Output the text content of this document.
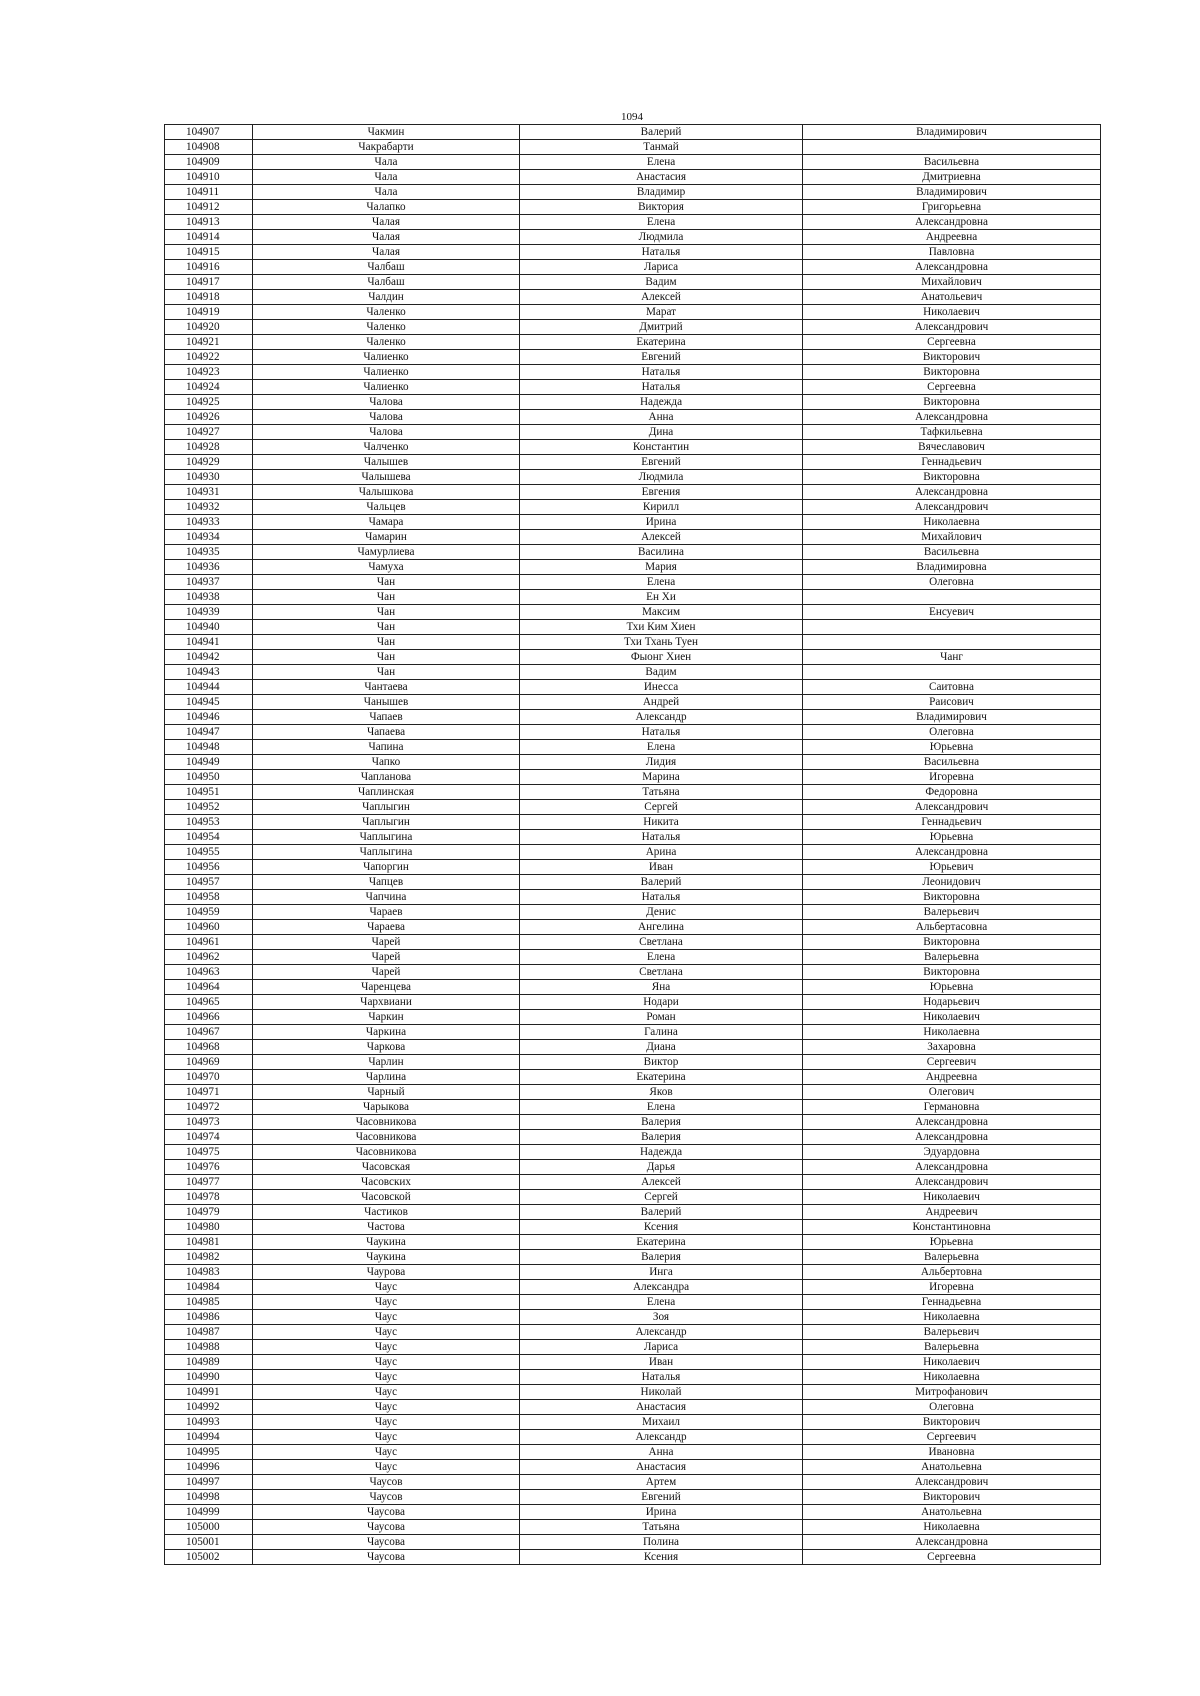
1094
104907	Чакмин	Валерий	Владимирович
104908	Чакрабарти	Танмай	
104909	Чала	Елена	Васильевна
104910	Чала	Анастасия	Дмитриевна
104911	Чала	Владимир	Владимирович
104912	Чалапко	Виктория	Григорьевна
104913	Чалая	Елена	Александровна
104914	Чалая	Людмила	Андреевна
104915	Чалая	Наталья	Павловна
104916	Чалбаш	Лариса	Александровна
104917	Чалбаш	Вадим	Михайлович
104918	Чалдин	Алексей	Анатольевич
104919	Чаленко	Марат	Николаевич
104920	Чаленко	Дмитрий	Александрович
104921	Чаленко	Екатерина	Сергеевна
104922	Чалиенко	Евгений	Викторович
104923	Чалиенко	Наталья	Викторовна
104924	Чалиенко	Наталья	Сергеевна
104925	Чалова	Надежда	Викторовна
104926	Чалова	Анна	Александровна
104927	Чалова	Дина	Тафкильевна
104928	Чалченко	Константин	Вячеславович
104929	Чалышев	Евгений	Геннадьевич
104930	Чалышева	Людмила	Викторовна
104931	Чалышкова	Евгения	Александровна
104932	Чальцев	Кирилл	Александрович
104933	Чамара	Ирина	Николаевна
104934	Чамарин	Алексей	Михайлович
104935	Чамурлиева	Василина	Васильевна
104936	Чамуха	Мария	Владимировна
104937	Чан	Елена	Олеговна
104938	Чан	Ен Хи	
104939	Чан	Максим	Енсуевич
104940	Чан	Тхи Ким Хиен	
104941	Чан	Тхи Тхань Туен	
104942	Чан	Фыонг Хиен	Чанг
104943	Чан	Вадим	
104944	Чантаева	Инесса	Саитовна
104945	Чанышев	Андрей	Раисович
104946	Чапаев	Александр	Владимирович
104947	Чапаева	Наталья	Олеговна
104948	Чапина	Елена	Юрьевна
104949	Чапко	Лидия	Васильевна
104950	Чапланова	Марина	Игоревна
104951	Чаплинская	Татьяна	Федоровна
104952	Чаплыгин	Сергей	Александрович
104953	Чаплыгин	Никита	Геннадьевич
104954	Чаплыгина	Наталья	Юрьевна
104955	Чаплыгина	Арина	Александровна
104956	Чапоргин	Иван	Юрьевич
104957	Чапцев	Валерий	Леонидович
104958	Чапчина	Наталья	Викторовна
104959	Чараев	Денис	Валерьевич
104960	Чараева	Ангелина	Альбертасовна
104961	Чарей	Светлана	Викторовна
104962	Чарей	Елена	Валерьевна
104963	Чарей	Светлана	Викторовна
104964	Чаренцева	Яна	Юрьевна
104965	Чархвиани	Нодари	Нодарьевич
104966	Чаркин	Роман	Николаевич
104967	Чаркина	Галина	Николаевна
104968	Чаркова	Диана	Захаровна
104969	Чарлин	Виктор	Сергеевич
104970	Чарлина	Екатерина	Андреевна
104971	Чарный	Яков	Олегович
104972	Чарыкова	Елена	Германовна
104973	Часовникова	Валерия	Александровна
104974	Часовникова	Валерия	Александровна
104975	Часовникова	Надежда	Эдуардовна
104976	Часовская	Дарья	Александровна
104977	Часовских	Алексей	Александрович
104978	Часовской	Сергей	Николаевич
104979	Частиков	Валерий	Андреевич
104980	Частова	Ксения	Константиновна
104981	Чаукина	Екатерина	Юрьевна
104982	Чаукина	Валерия	Валерьевна
104983	Чаурова	Инга	Альбертовна
104984	Чаус	Александра	Игоревна
104985	Чаус	Елена	Геннадьевна
104986	Чаус	Зоя	Николаевна
104987	Чаус	Александр	Валерьевич
104988	Чаус	Лариса	Валерьевна
104989	Чаус	Иван	Николаевич
104990	Чаус	Наталья	Николаевна
104991	Чаус	Николай	Митрофанович
104992	Чаус	Анастасия	Олеговна
104993	Чаус	Михаил	Викторович
104994	Чаус	Александр	Сергеевич
104995	Чаус	Анна	Ивановна
104996	Чаус	Анастасия	Анатольевна
104997	Чаусов	Артем	Александрович
104998	Чаусов	Евгений	Викторович
104999	Чаусова	Ирина	Анатольевна
105000	Чаусова	Татьяна	Николаевна
105001	Чаусова	Полина	Александровна
105002	Чаусова	Ксения	Сергеевна
